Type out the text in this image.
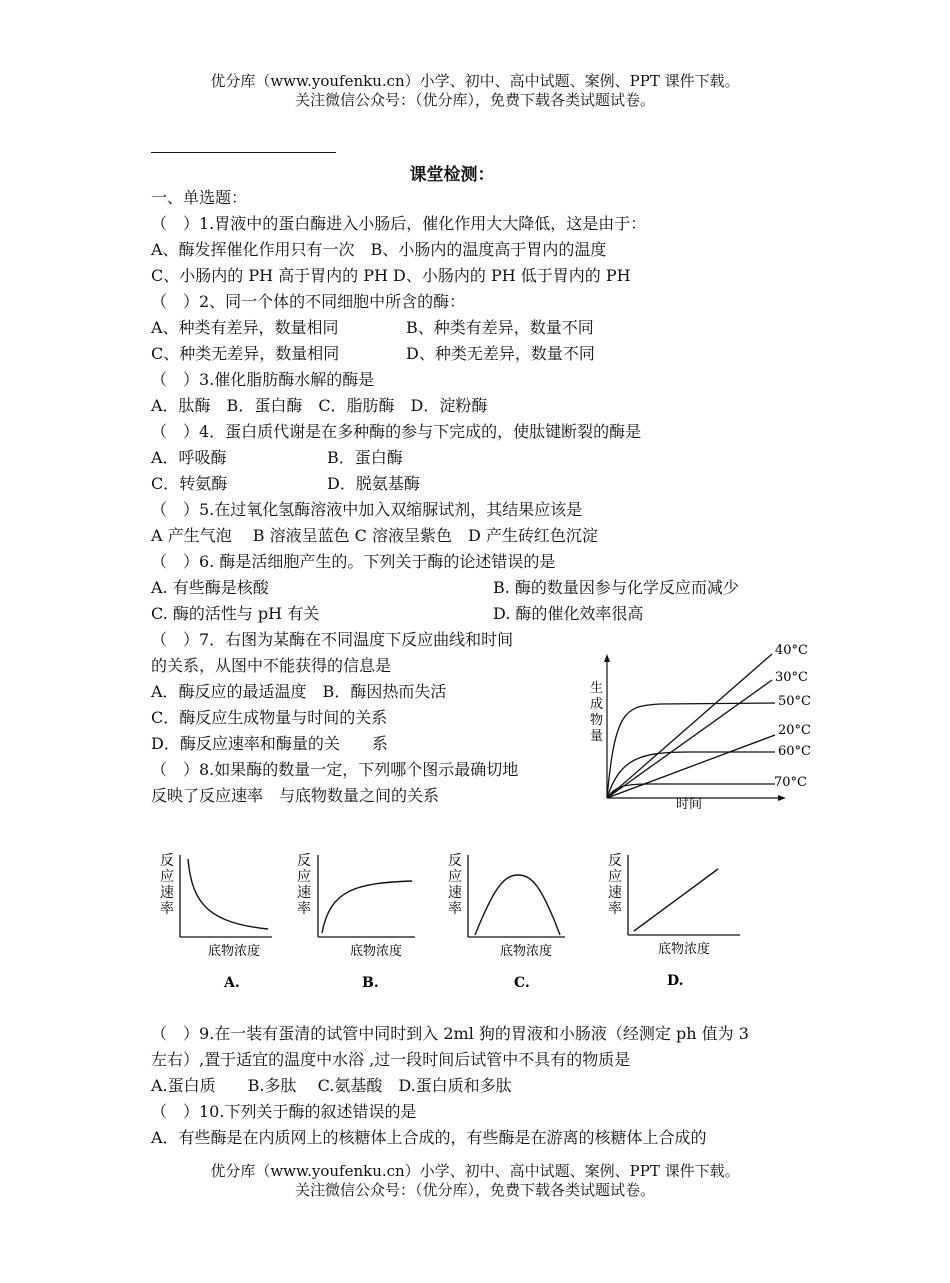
优分库（www.youfenku.cn）小学、初中、高中试题、案例、PPT 课件下载。
关注微信公众号：（优分库），免费下载各类试题试卷。
课堂检测：
一、单选题：
（　）1.胃液中的蛋白酶进入小肠后，催化作用大大降低，这是由于：
A、酶发挥催化作用只有一次　B、小肠内的温度高于胃内的温度
C、小肠内的 PH 高于胃内的 PH D、小肠内的 PH 低于胃内的 PH
（　）2、同一个体的不同细胞中所含的酶：
A、种类有差异，数量相同	B、种类有差异，数量不同
C、种类无差异，数量相同	D、种类无差异，数量不同
（　）3.催化脂肪酶水解的酶是
A．肽酶　B．蛋白酶　C．脂肪酶　D．淀粉酶
（　）4．蛋白质代谢是在多种酶的参与下完成的，使肽键断裂的酶是
A．呼吸酶	B．蛋白酶
C．转氨酶	D．脱氨基酶
（　）5.在过氧化氢酶溶液中加入双缩脲试剂，其结果应该是
A 产生气泡　 B 溶液呈蓝色 C 溶液呈紫色　D 产生砖红色沉淀
（　）6. 酶是活细胞产生的。下列关于酶的论述错误的是
A. 有些酶是核酸	B. 酶的数量因参与化学反应而减少
C. 酶的活性与 pH 有关	D. 酶的催化效率很高
（　）7．右图为某酶在不同温度下反应曲线和时间
的关系，从图中不能获得的信息是
A．酶反应的最适温度　B．酶因热而失活
C．酶反应生成物量与时间的关系
D．酶反应速率和酶量的关　　系
（　）8.如果酶的数量一定，下列哪个图示最确切地
反映了反应速率　与底物数量之间的关系
生
成
物
量
时间
40°C
30°C
50°C
20°C
60°C
70°C
反
应
速
率
底物浓度
A.
反
应
速
率
底物浓度
B.
反
应
速
率
底物浓度
C.
反
应
速
率
底物浓度
D.
（　）9.在一装有蛋清的试管中同时到入 2ml 狗的胃液和小肠液（经测定 ph 值为 3
左右）,置于适宜的温度中水浴 ,过一段时间后试管中不具有的物质是
A.蛋白质　　B.多肽　 C.氨基酸　D.蛋白质和多肽
（　）10.下列关于酶的叙述错误的是
A．有些酶是在内质网上的核糖体上合成的，有些酶是在游离的核糖体上合成的
优分库（www.youfenku.cn）小学、初中、高中试题、案例、PPT 课件下载。
关注微信公众号：（优分库），免费下载各类试题试卷。
